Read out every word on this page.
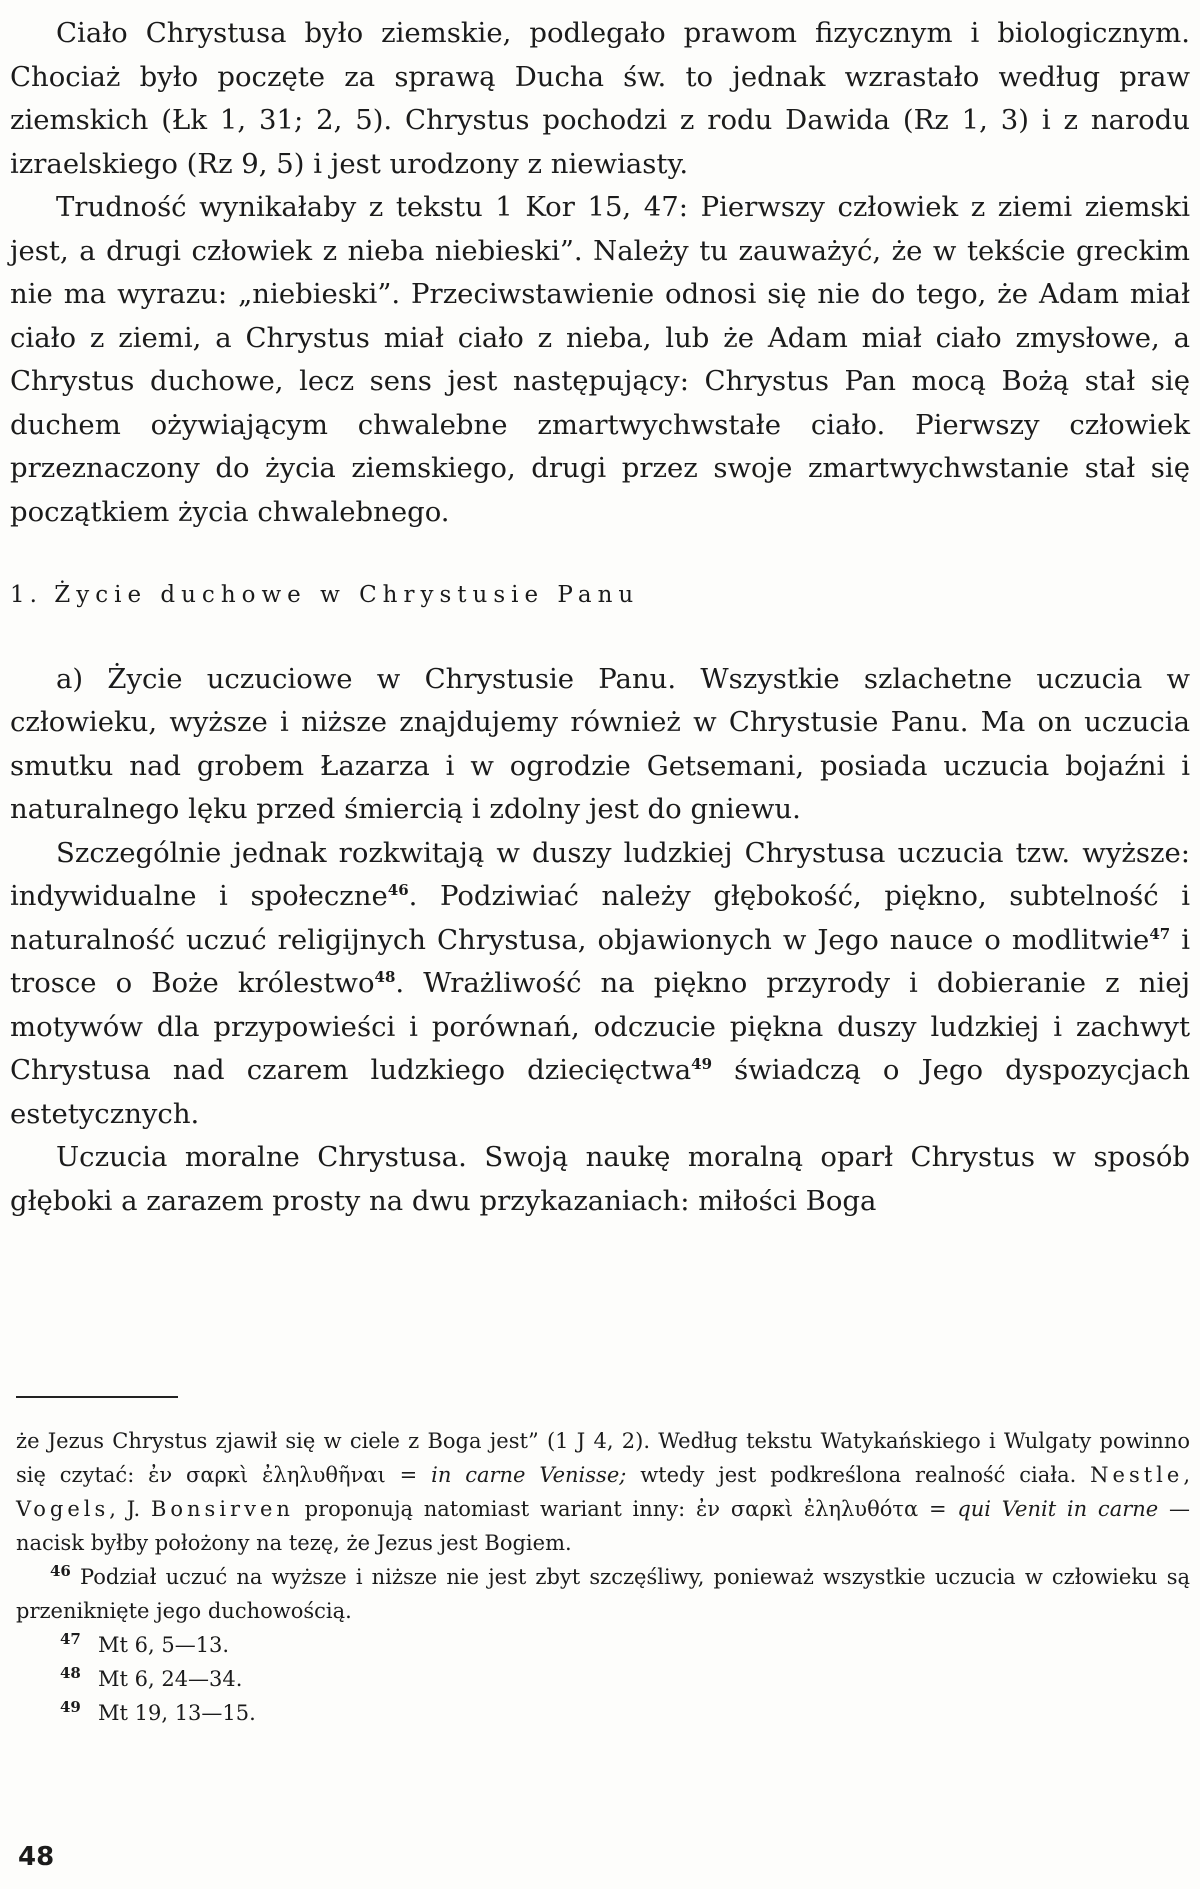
Ciało Chrystusa było ziemskie, podlegało prawom fizycznym i biologicznym. Chociaż było poczęte za sprawą Ducha św. to jednak wzrastało według praw ziemskich (Łk 1, 31; 2, 5). Chrystus pochodzi z rodu Dawida (Rz 1, 3) i z narodu izraelskiego (Rz 9, 5) i jest urodzony z niewiasty.

Trudność wynikałaby z tekstu 1 Kor 15, 47: Pierwszy człowiek z ziemi ziemski jest, a drugi człowiek z nieba niebieski”. Należy tu zauważyć, że w tekście greckim nie ma wyrazu: „niebieski”. Przeciwstawienie odnosi się nie do tego, że Adam miał ciało z ziemi, a Chrystus miał ciało z nieba, lub że Adam miał ciało zmysłowe, a Chrystus duchowe, lecz sens jest następujący: Chrystus Pan mocą Bożą stał się duchem ożywiającym chwalebne zmartwychwstałe ciało. Pierwszy człowiek przeznaczony do życia ziemskiego, drugi przez swoje zmartwychwstanie stał się początkiem życia chwalebnego.

1. Życie duchowe w Chrystusie Panu

a) Życie uczuciowe w Chrystusie Panu. Wszystkie szlachetne uczucia w człowieku, wyższe i niższe znajdujemy również w Chrystusie Panu. Ma on uczucia smutku nad grobem Łazarza i w ogrodzie Getsemani, posiada uczucia bojaźni i naturalnego lęku przed śmiercią i zdolny jest do gniewu.

Szczególnie jednak rozkwitają w duszy ludzkiej Chrystusa uczucia tzw. wyższe: indywidualne i społeczne$^{46}$. Podziwiać należy głębokość, piękno, subtelność i naturalność uczuć religijnych Chrystusa, objawionych w Jego nauce o modlitwie$^{47}$ i trosce o Boże królestwo$^{48}$. Wrażliwość na piękno przyrody i dobieranie z niej motywów dla przypowieści i porównań, odczucie piękna duszy ludzkiej i zachwyt Chrystusa nad czarem ludzkiego dziecięctwa$^{49}$ świadczą o Jego dyspozycjach estetycznych.

Uczucia moralne Chrystusa. Swoją naukę moralną oparł Chrystus w sposób głęboki a zarazem prosty na dwu przykazaniach: miłości Boga

że Jezus Chrystus zjawił się w ciele z Boga jest” (1 J 4, 2). Według tekstu Watykańskiego i Wulgaty powinno się czytać: ἐν σαρκὶ ἐληλυθῆναι = in carne Venisse; wtedy jest podkreślona realność ciała. Nestle, Vogels, J. Bonsirven proponują natomiast wariant inny: ἐν σαρκὶ ἐληλυθότα = qui Venit in carne — nacisk byłby położony na tezę, że Jezus jest Bogiem.

$^{46}$ Podział uczuć na wyższe i niższe nie jest zbyt szczęśliwy, ponieważ wszystkie uczucia w człowieku są przeniknięte jego duchowością.

47 Mt 6, 5—13.

48 Mt 6, 24—34.

49 Mt 19, 13—15.

48
